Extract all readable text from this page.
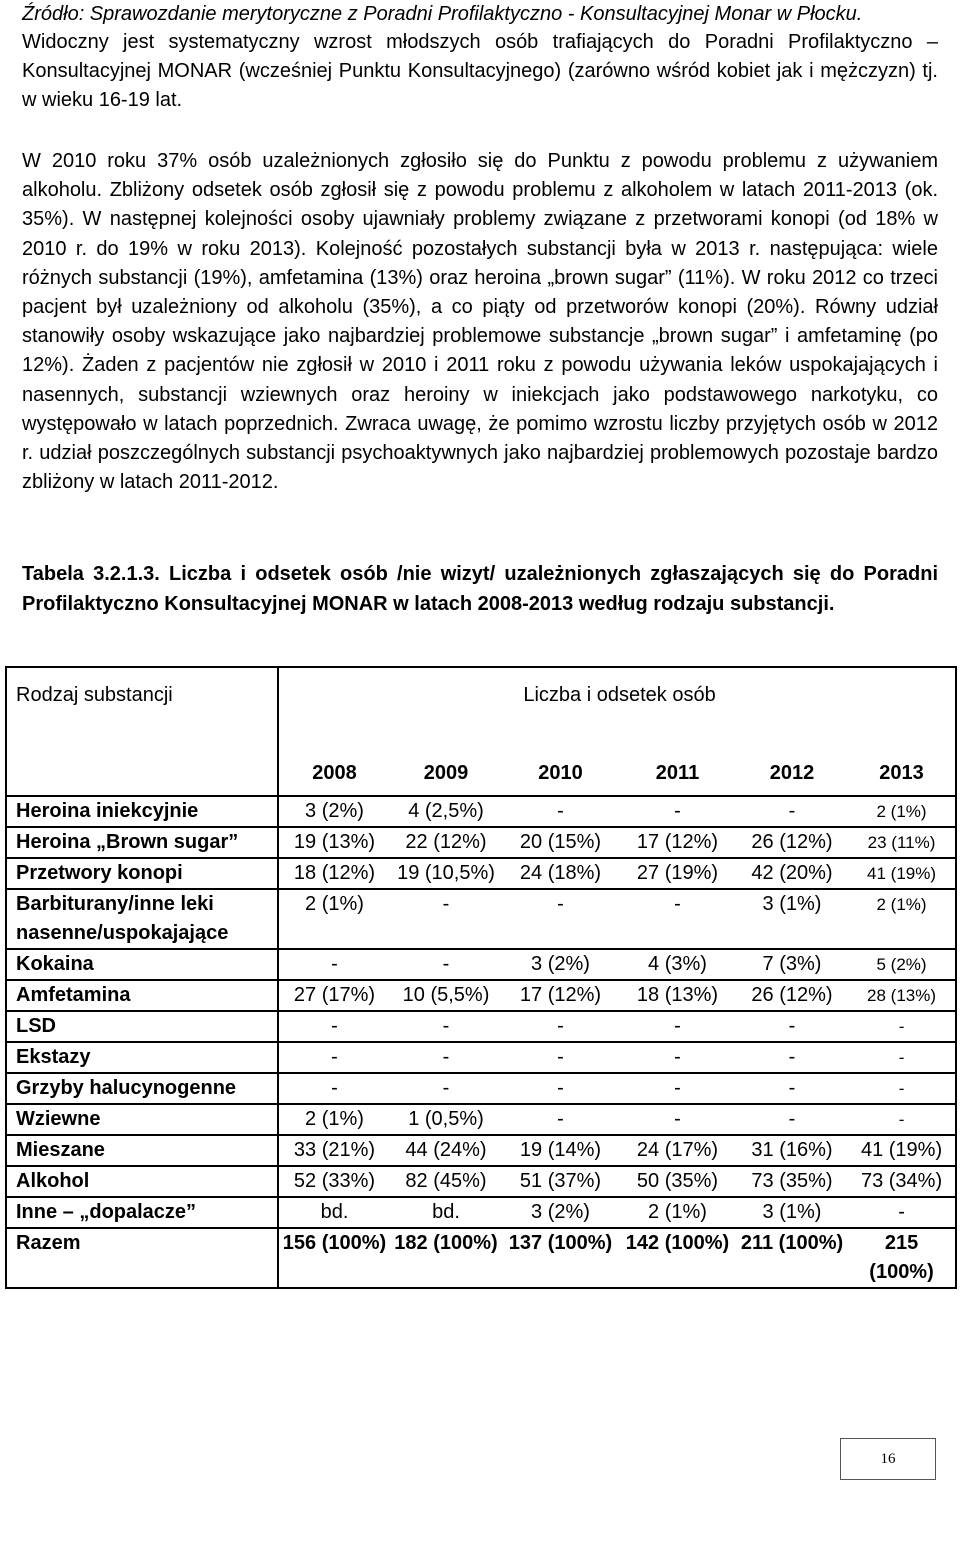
Źródło: Sprawozdanie merytoryczne z Poradni Profilaktyczno - Konsultacyjnej Monar w Płocku.

Widoczny jest systematyczny wzrost młodszych osób trafiających do Poradni Profilaktyczno – Konsultacyjnej MONAR (wcześniej Punktu Konsultacyjnego) (zarówno wśród kobiet jak i mężczyzn) tj. w wieku 16-19 lat.

W 2010 roku 37% osób uzależnionych zgłosiło się do Punktu z powodu problemu z używaniem alkoholu. Zbliżony odsetek osób zgłosił się z powodu problemu z alkoholem w latach 2011-2013 (ok. 35%). W następnej kolejności osoby ujawniały problemy związane z przetworami konopi (od 18% w 2010 r. do 19% w roku 2013). Kolejność pozostałych substancji była w 2013 r. następująca: wiele różnych substancji (19%), amfetamina (13%) oraz heroina „brown sugar” (11%). W roku 2012 co trzeci pacjent był uzależniony od alkoholu (35%), a co piąty od przetworów konopi (20%). Równy udział stanowiły osoby wskazujące jako najbardziej problemowe substancje „brown sugar” i amfetaminę (po 12%). Żaden z pacjentów nie zgłosił w 2010 i 2011 roku z powodu używania leków uspokajających i nasennych, substancji wziewnych oraz heroiny w iniekcjach jako podstawowego narkotyku, co występowało w latach poprzednich. Zwraca uwagę, że pomimo wzrostu liczby przyjętych osób w 2012 r. udział poszczególnych substancji psychoaktywnych jako najbardziej problemowych pozostaje bardzo zbliżony w latach 2011-2012.

Tabela 3.2.1.3. Liczba i odsetek osób /nie wizyt/ uzależnionych zgłaszających się do Poradni Profilaktyczno Konsultacyjnej MONAR w latach 2008-2013 według rodzaju substancji.

Rodzaj substancji	Liczba i odsetek osób					
	2008	2009	2010	2011	2012	2013
Heroina iniekcyjnie	3 (2%)	4 (2,5%)	-	-	-	2 (1%)
Heroina „Brown sugar”	19 (13%)	22 (12%)	20 (15%)	17 (12%)	26 (12%)	23 (11%)
Przetwory konopi	18 (12%)	19 (10,5%)	24 (18%)	27 (19%)	42 (20%)	41 (19%)
Barbiturany/inne leki nasenne/uspokajające	2 (1%)	-	-	-	3 (1%)	2 (1%)
Kokaina	-	-	3 (2%)	4 (3%)	7 (3%)	5 (2%)
Amfetamina	27 (17%)	10 (5,5%)	17 (12%)	18 (13%)	26 (12%)	28 (13%)
LSD	-	-	-	-	-	-
Ekstazy	-	-	-	-	-	-
Grzyby halucynogenne	-	-	-	-	-	-
Wziewne	2 (1%)	1 (0,5%)	-	-	-	-
Mieszane	33 (21%)	44 (24%)	19 (14%)	24 (17%)	31 (16%)	41 (19%)
Alkohol	52 (33%)	82 (45%)	51 (37%)	50 (35%)	73 (35%)	73 (34%)
Inne – „dopalacze”	bd.	bd.	3 (2%)	2 (1%)	3 (1%)	-
Razem	156 (100%)	182 (100%)	137 (100%)	142 (100%)	211 (100%)	215 (100%)
16
